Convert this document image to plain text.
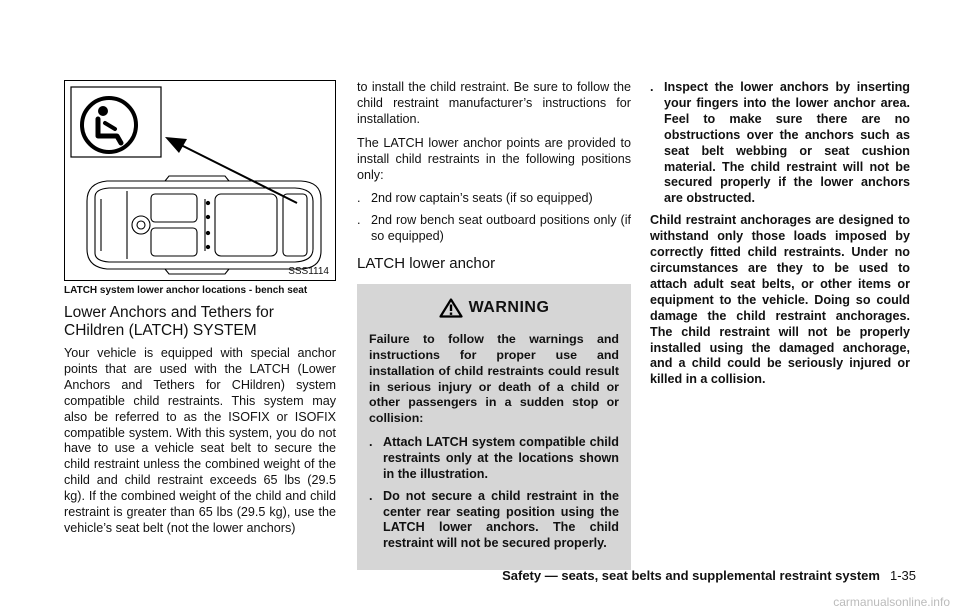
SSS1114
LATCH system lower anchor locations - bench seat
Lower Anchors and Tethers for CHildren (LATCH) SYSTEM

Your vehicle is equipped with special anchor points that are used with the LATCH (Lower Anchors and Tethers for CHildren) system compatible child restraints. This system may also be referred to as the ISOFIX or ISOFIX compatible system. With this system, you do not have to use a vehicle seat belt to secure the child restraint unless the combined weight of the child and child restraint exceeds 65 lbs (29.5 kg). If the combined weight of the child and child restraint is greater than 65 lbs (29.5 kg), use the vehicle’s seat belt (not the lower anchors)

to install the child restraint. Be sure to follow the child restraint manufacturer’s instructions for installation.

The LATCH lower anchor points are provided to install child restraints in the following positions only:

. 2nd row captain’s seats (if so equipped)
. 2nd row bench seat outboard positions only (if so equipped)
LATCH lower anchor
WARNING

Failure to follow the warnings and instructions for proper use and installation of child restraints could result in serious injury or death of a child or other passengers in a sudden stop or collision:

. Attach LATCH system compatible child restraints only at the locations shown in the illustration.
. Do not secure a child restraint in the center rear seating position using the LATCH lower anchors. The child restraint will not be secured properly.
. Inspect the lower anchors by inserting your fingers into the lower anchor area. Feel to make sure there are no obstructions over the anchors such as seat belt webbing or seat cushion material. The child restraint will not be secured properly if the lower anchors are obstructed.

Child restraint anchorages are designed to withstand only those loads imposed by correctly fitted child restraints. Under no circumstances are they to be used to attach adult seat belts, or other items or equipment to the vehicle. Doing so could damage the child restraint anchorages. The child restraint will not be properly installed using the damaged anchorage, and a child could be seriously injured or killed in a collision.

Safety — seats, seat belts and supplemental restraint system 1-35
carmanualsonline.info
